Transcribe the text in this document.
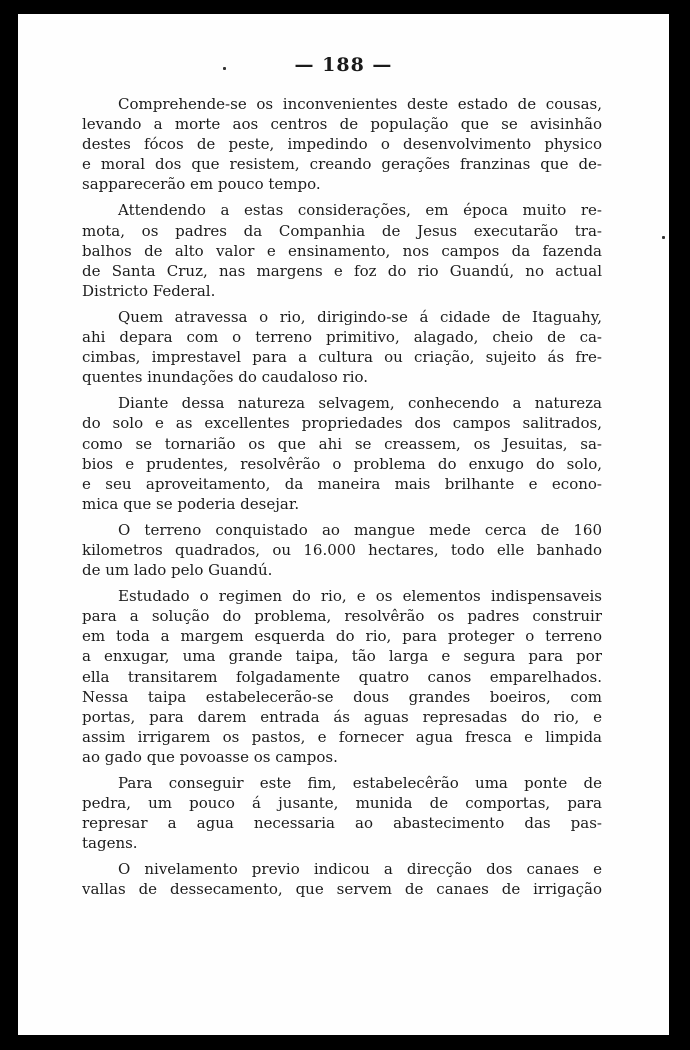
— 188 —
Comprehende-se os inconvenientes deste estado de cousas,
levando a morte aos centros de população que se avisinhão
destes fócos de peste, impedindo o desenvolvimento physico
e moral dos que resistem, creando gerações franzinas que de-
sapparecerão em pouco tempo.
Attendendo a estas considerações, em época muito re-
mota, os padres da Companhia de Jesus executarão tra-
balhos de alto valor e ensinamento, nos campos da fazenda
de Santa Cruz, nas margens e foz do rio Guandú, no actual
Districto Federal.
Quem atravessa o rio, dirigindo-se á cidade de Itaguahy,
ahi depara com o terreno primitivo, alagado, cheio de ca-
cimbas, imprestavel para a cultura ou criação, sujeito ás fre-
quentes inundações do caudaloso rio.
Diante dessa natureza selvagem, conhecendo a natureza
do solo e as excellentes propriedades dos campos salitrados,
como se tornarião os que ahi se creassem, os Jesuitas, sa-
bios e prudentes, resolvêrão o problema do enxugo do solo,
e seu aproveitamento, da maneira mais brilhante e econo-
mica que se poderia desejar.
O terreno conquistado ao mangue mede cerca de 160
kilometros quadrados, ou 16.000 hectares, todo elle banhado
de um lado pelo Guandú.
Estudado o regimen do rio, e os elementos indispensaveis
para a solução do problema, resolvêrão os padres construir
em toda a margem esquerda do rio, para proteger o terreno
a enxugar, uma grande taipa, tão larga e segura para por
ella transitarem folgadamente quatro canos emparelhados.
Nessa taipa estabelecerão-se dous grandes boeiros, com
portas, para darem entrada ás aguas represadas do rio, e
assim irrigarem os pastos, e fornecer agua fresca e limpida
ao gado que povoasse os campos.
Para conseguir este fim, estabelecêrão uma ponte de
pedra, um pouco á jusante, munida de comportas, para
represar a agua necessaria ao abastecimento das pas-
tagens.
O nivelamento previo indicou a direcção dos canaes e
vallas de dessecamento, que servem de canaes de irrigação
